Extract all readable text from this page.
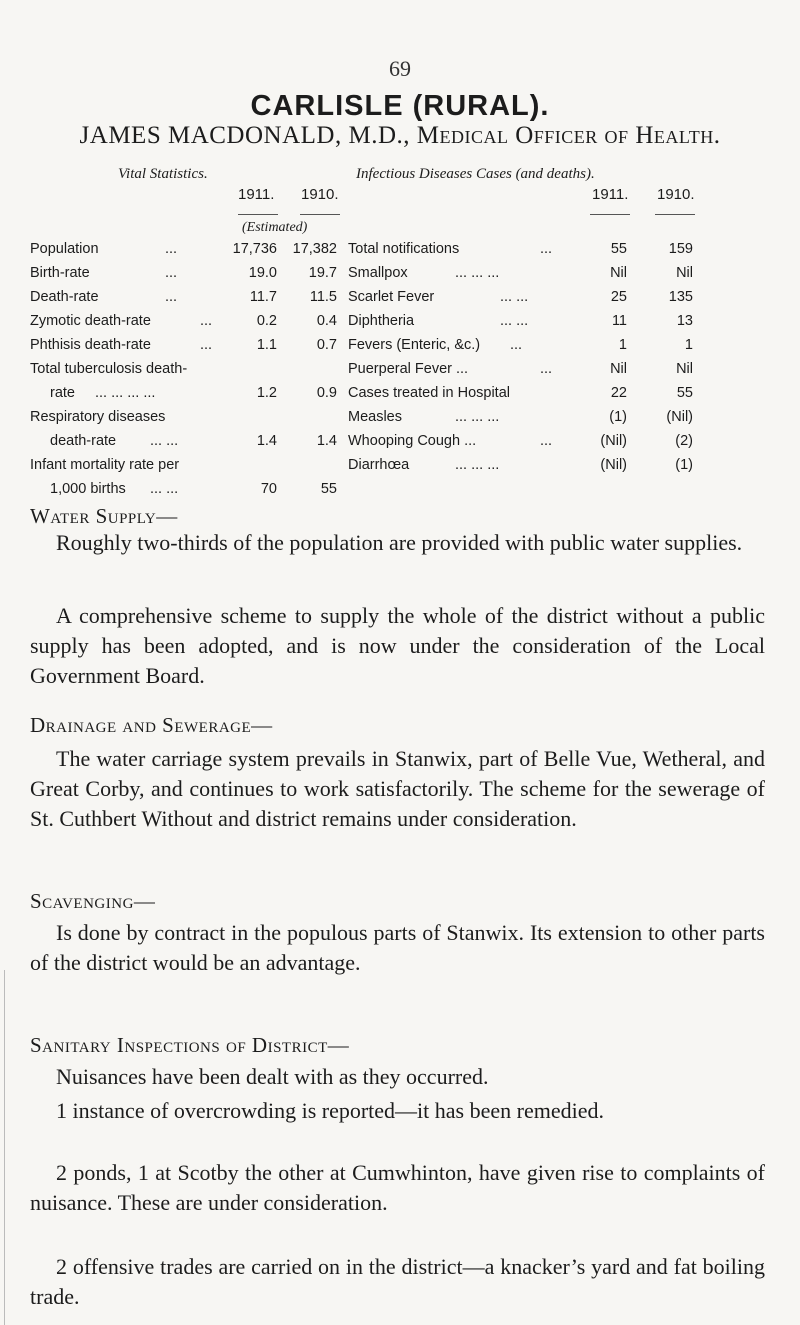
69
CARLISLE (RURAL).
JAMES MACDONALD, M.D., Medical Officer of Health.
Vital Statistics.
1911. 1910.
(Estimated)
Infectious Diseases Cases (and deaths).
1911. 1910.
Population	...	17,736	17,382
Birth-rate	...	19.0	19.7
Death-rate	...	11.7	11.5
Zymotic death-rate	...	0.2	0.4
Phthisis death-rate	...	1.1	0.7
Total tuberculosis death-
rate ... ... ... ...	1.2	0.9
Respiratory diseases
death-rate ... ...	1.4	1.4
Infant mortality rate per
1,000 births ... ...	70	55
Total notifications	...	55	159
Smallpox	... ... ...	Nil	Nil
Scarlet Fever	... ...	25	135
Diphtheria	... ...	11	13
Fevers (Enteric, &c.) ...	1	1
Puerperal Fever ...	...	Nil	Nil
Cases treated in Hospital	22	55
Measles	... ... ...	(1)	(Nil)
Whooping Cough ...	...	(Nil)	(2)
Diarrhœa	... ... ...	(Nil)	(1)
Water Supply—
Roughly two-thirds of the population are provided with public water supplies.
A comprehensive scheme to supply the whole of the district without a public supply has been adopted, and is now under the consideration of the Local Government Board.
Drainage and Sewerage—
The water carriage system prevails in Stanwix, part of Belle Vue, Wetheral, and Great Corby, and continues to work satisfactorily. The scheme for the sewerage of St. Cuthbert Without and district remains under consideration.
Scavenging—
Is done by contract in the populous parts of Stanwix. Its extension to other parts of the district would be an advantage.
Sanitary Inspections of District—
Nuisances have been dealt with as they occurred.
1 instance of overcrowding is reported—it has been remedied.
2 ponds, 1 at Scotby the other at Cumwhinton, have given rise to complaints of nuisance. These are under consideration.
2 offensive trades are carried on in the district—a knacker’s yard and fat boiling trade.
